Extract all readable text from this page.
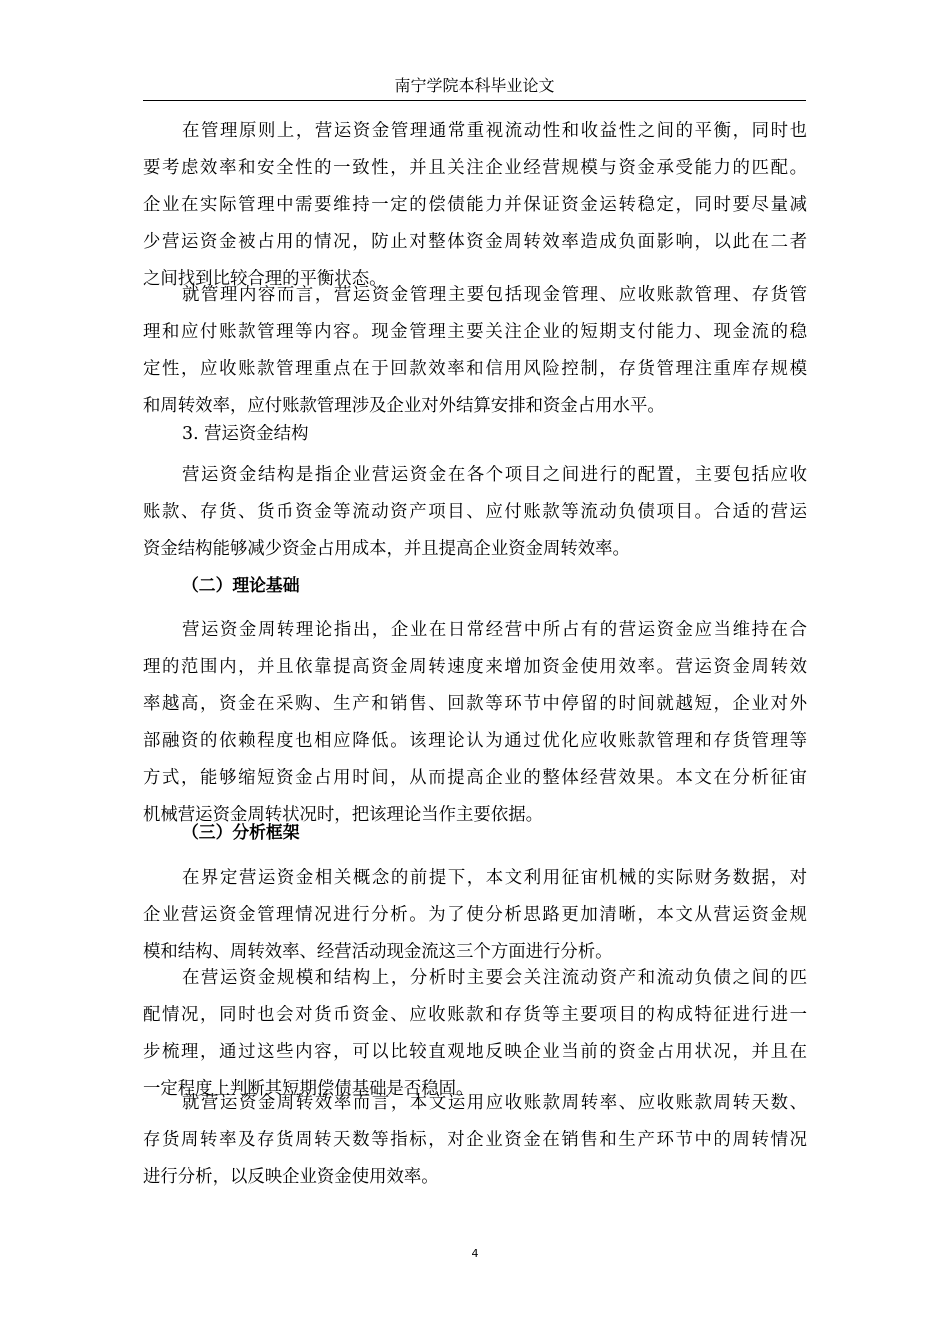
南宁学院本科毕业论文
在管理原则上，营运资金管理通常重视流动性和收益性之间的平衡，同时也
要考虑效率和安全性的一致性，并且关注企业经营规模与资金承受能力的匹配。
企业在实际管理中需要维持一定的偿债能力并保证资金运转稳定，同时要尽量减
少营运资金被占用的情况，防止对整体资金周转效率造成负面影响，以此在二者
之间找到比较合理的平衡状态。
就管理内容而言，营运资金管理主要包括现金管理、应收账款管理、存货管
理和应付账款管理等内容。现金管理主要关注企业的短期支付能力、现金流的稳
定性，应收账款管理重点在于回款效率和信用风险控制，存货管理注重库存规模
和周转效率，应付账款管理涉及企业对外结算安排和资金占用水平。
3. 营运资金结构
营运资金结构是指企业营运资金在各个项目之间进行的配置，主要包括应收
账款、存货、货币资金等流动资产项目、应付账款等流动负债项目。合适的营运
资金结构能够减少资金占用成本，并且提高企业资金周转效率。
（二）理论基础
营运资金周转理论指出，企业在日常经营中所占有的营运资金应当维持在合
理的范围内，并且依靠提高资金周转速度来增加资金使用效率。营运资金周转效
率越高，资金在采购、生产和销售、回款等环节中停留的时间就越短，企业对外
部融资的依赖程度也相应降低。该理论认为通过优化应收账款管理和存货管理等
方式，能够缩短资金占用时间，从而提高企业的整体经营效果。本文在分析征宙
机械营运资金周转状况时，把该理论当作主要依据。
（三）分析框架
在界定营运资金相关概念的前提下，本文利用征宙机械的实际财务数据，对
企业营运资金管理情况进行分析。为了使分析思路更加清晰，本文从营运资金规
模和结构、周转效率、经营活动现金流这三个方面进行分析。
在营运资金规模和结构上，分析时主要会关注流动资产和流动负债之间的匹
配情况，同时也会对货币资金、应收账款和存货等主要项目的构成特征进行进一
步梳理，通过这些内容，可以比较直观地反映企业当前的资金占用状况，并且在
一定程度上判断其短期偿债基础是否稳固。
就营运资金周转效率而言，本文运用应收账款周转率、应收账款周转天数、
存货周转率及存货周转天数等指标，对企业资金在销售和生产环节中的周转情况
进行分析，以反映企业资金使用效率。
4
